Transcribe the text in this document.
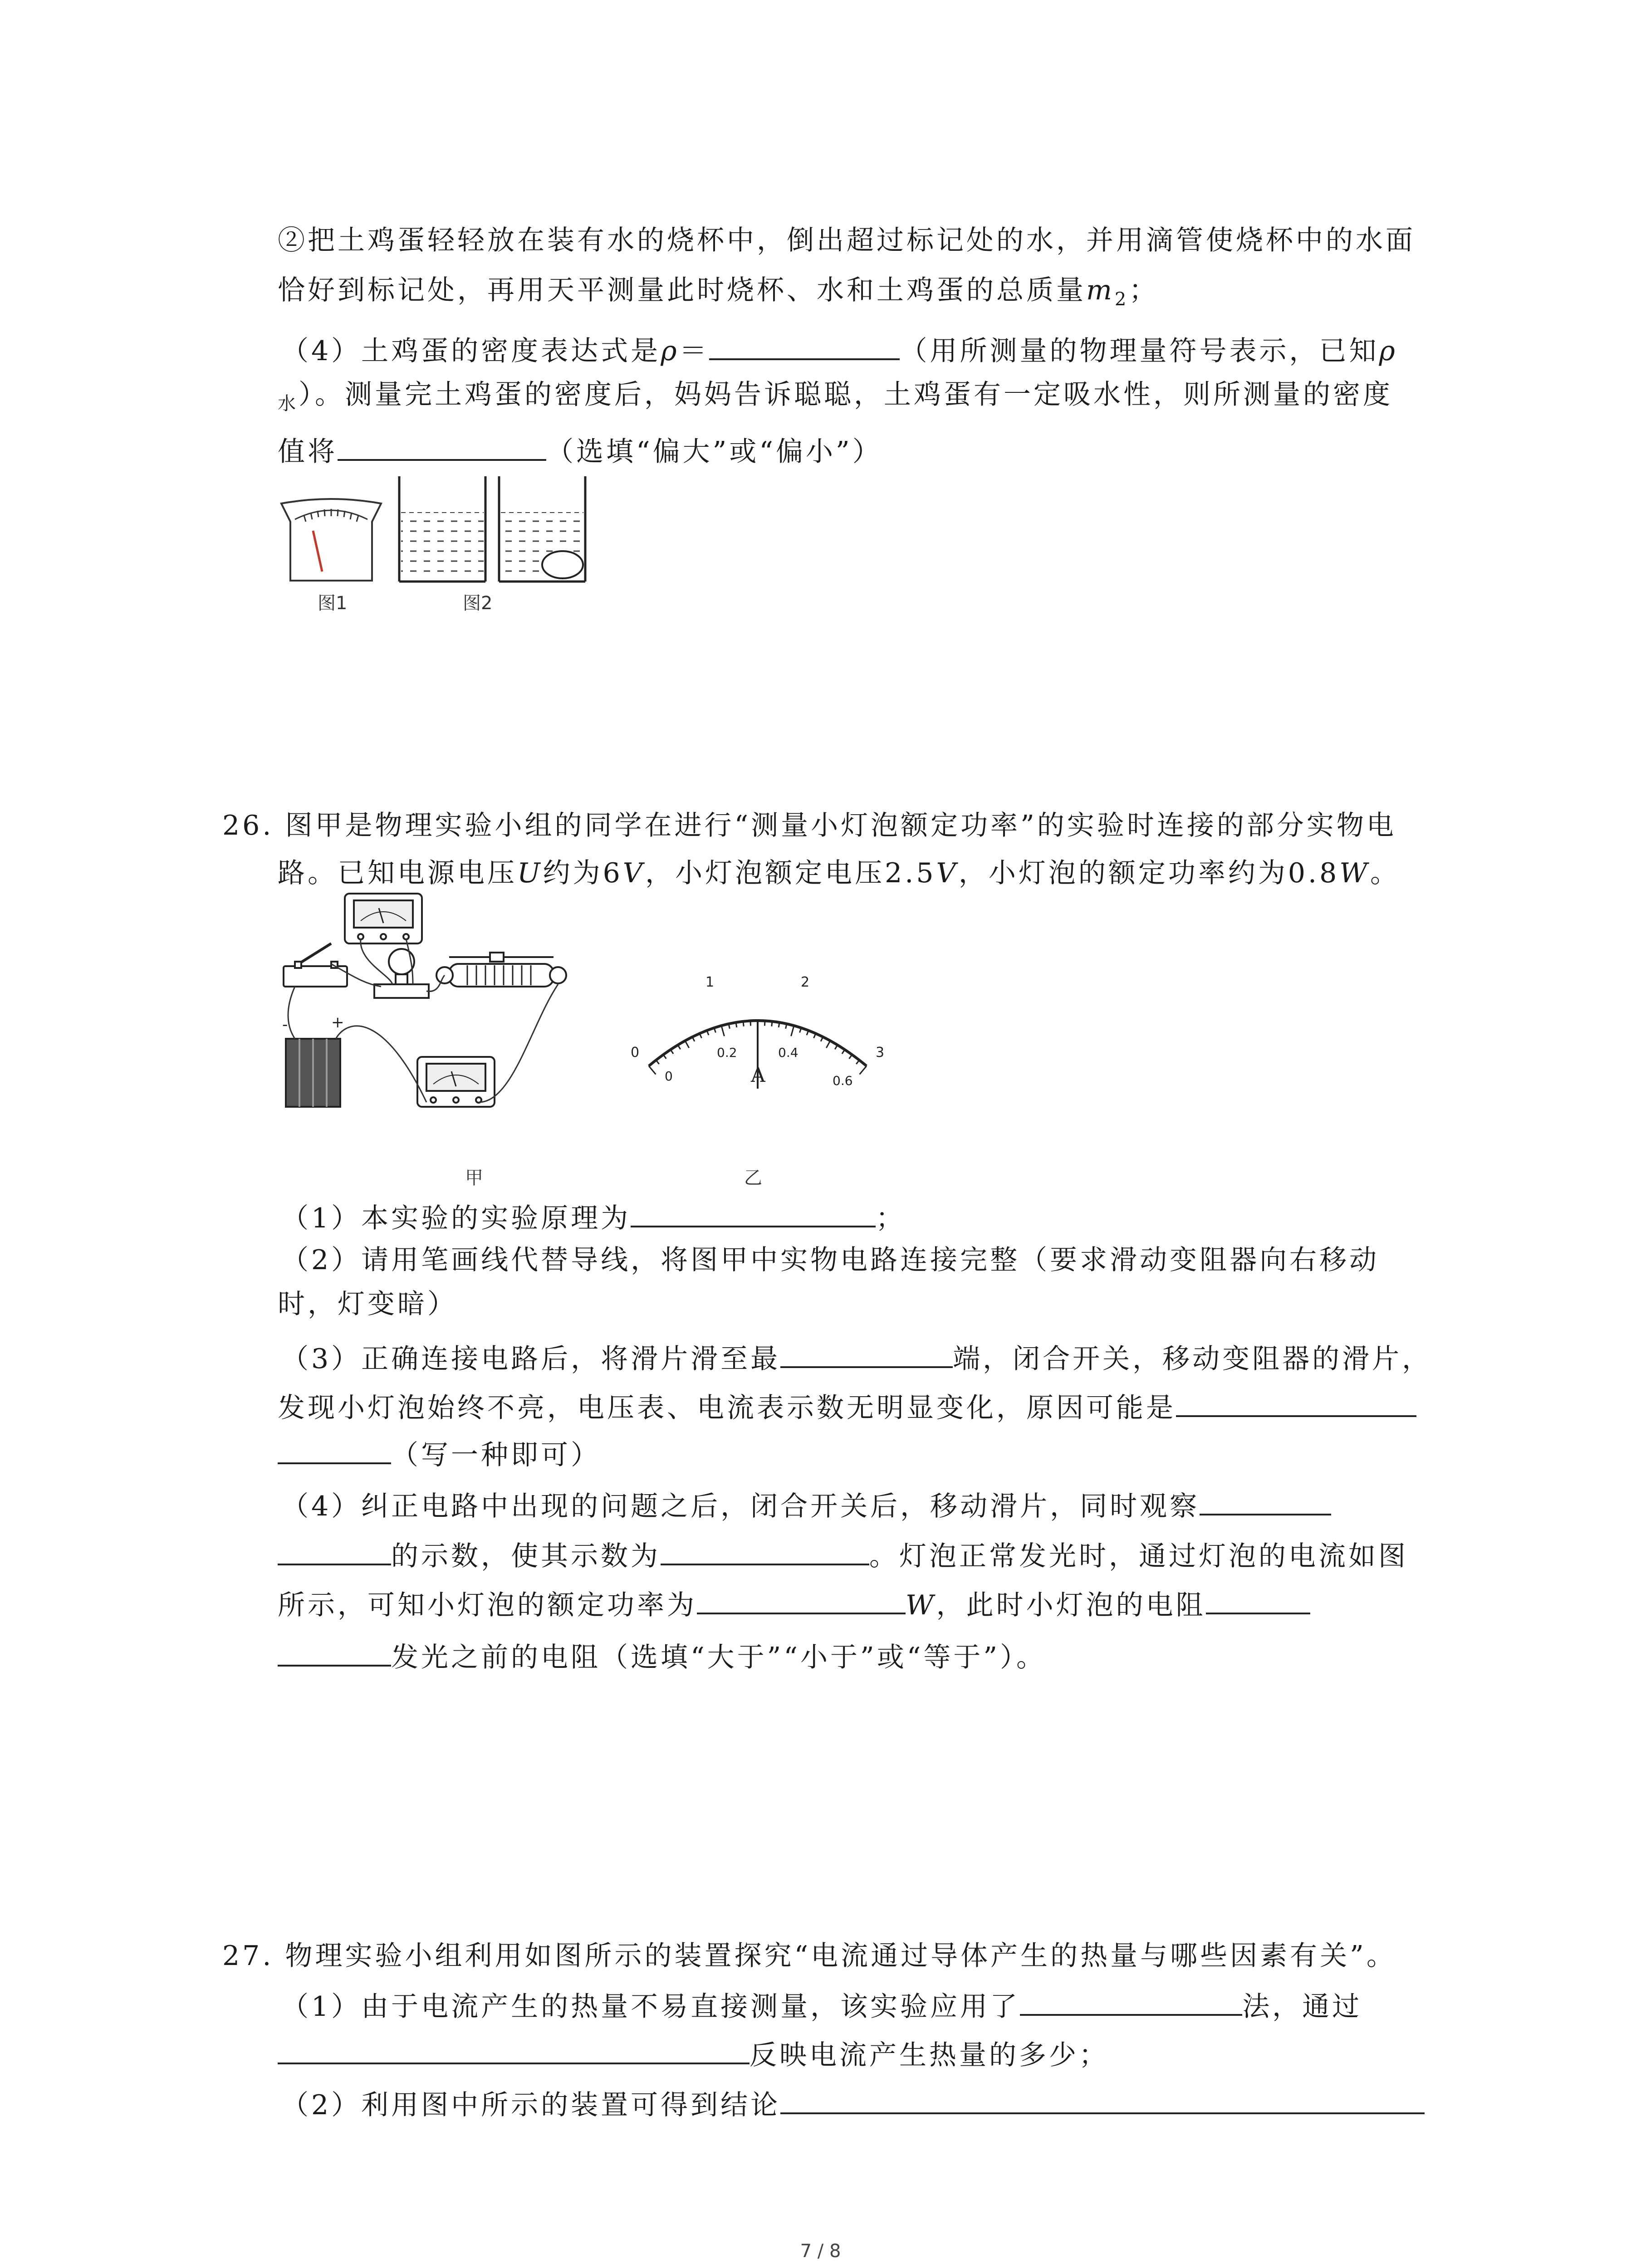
②把土鸡蛋轻轻放在装有水的烧杯中，倒出超过标记处的水，并用滴管使烧杯中的水面
恰好到标记处，再用天平测量此时烧杯、水和土鸡蛋的总质量$m_2$；
（4）土鸡蛋的密度表达式是ρ＝	（用所测量的物理量符号表示，已知ρ
$_水$）。测量完土鸡蛋的密度后，妈妈告诉聪聪，土鸡蛋有一定吸水性，则所测量的密度
值将	（选填“偏大”或“偏小”）
图1	图2
26. 图甲是物理实验小组的同学在进行“测量小灯泡额定功率”的实验时连接的部分实物电
路。已知电源电压U约为6V，小灯泡额定电压2.5V，小灯泡的额定功率约为0.8W。
-	+
甲
0
1	2
3
0
0.2	0.4
0.6
A
乙
（1）本实验的实验原理为	；
（2）请用笔画线代替导线，将图甲中实物电路连接完整（要求滑动变阻器向右移动
时，灯变暗）
（3）正确连接电路后，将滑片滑至最	端，闭合开关，移动变阻器的滑片，
发现小灯泡始终不亮，电压表、电流表示数无明显变化，原因可能是
（写一种即可）
（4）纠正电路中出现的问题之后，闭合开关后，移动滑片，同时观察
的示数，使其示数为	。灯泡正常发光时，通过灯泡的电流如图
所示，可知小灯泡的额定功率为	W，此时小灯泡的电阻
发光之前的电阻（选填“大于”“小于”或“等于”）。
27. 物理实验小组利用如图所示的装置探究“电流通过导体产生的热量与哪些因素有关”。
（1）由于电流产生的热量不易直接测量，该实验应用了	法，通过
反映电流产生热量的多少；
（2）利用图中所示的装置可得到结论
7 / 8
